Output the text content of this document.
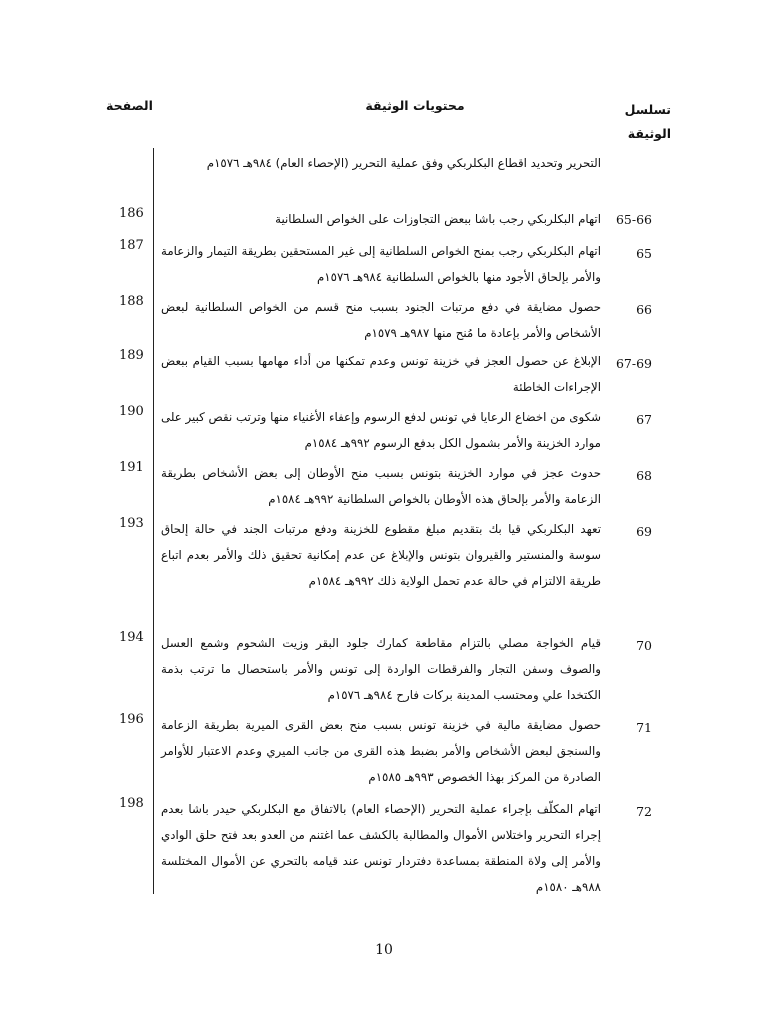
تسلسل الوثيقة
محتويات الوثيقة
الصفحة
التحرير وتحديد اقطاع البكلربكي وفق عملية التحرير (الإحصاء العام) ٩٨٤هـ ١٥٧٦م
186	اتهام البكلربكي رجب باشا ببعض التجاوزات على الخواص السلطانية 65-66
187 اتهام البكلربكي رجب بمنح الخواص السلطانية إلى غير المستحقين بطريقة التيمار والزعامة والأمر بإلحاق الأجود منها بالخواص السلطانية ٩٨٤هـ ١٥٧٦م
65
188 حصول مضايقة في دفع مرتبات الجنود بسبب منح قسم من الخواص السلطانية لبعض الأشخاص والأمر بإعادة ما مُنح منها ٩٨٧هـ ١٥٧٩م
66
189 الإبلاغ عن حصول العجز في خزينة تونس وعدم تمكنها من أداء مهامها بسبب القيام ببعض الإجراءات الخاطئة
67-69
190 شكوى من اخضاع الرعايا في تونس لدفع الرسوم وإعفاء الأغنياء منها وترتب نقص كبير على موارد الخزينة والأمر بشمول الكل بدفع الرسوم ٩٩٢هـ ١٥٨٤م
67
191 حدوث عجز في موارد الخزينة بتونس بسبب منح الأوطان إلى بعض الأشخاص بطريقة الزعامة والأمر بإلحاق هذه الأوطان بالخواص السلطانية ٩٩٢هـ ١٥٨٤م
68
193 تعهد البكلربكي قيا بك بتقديم مبلغ مقطوع للخزينة ودفع مرتبات الجند في حالة إلحاق سوسة والمنستير والقيروان بتونس والإبلاغ عن عدم إمكانية تحقيق ذلك والأمر بعدم اتباع طريقة الالتزام في حالة عدم تحمل الولاية ذلك ٩٩٢هـ ١٥٨٤م
69
194 قيام الخواجة مصلي بالتزام مقاطعة كمارك جلود البقر وزيت الشحوم وشمع العسل والصوف وسفن التجار والفرقطات الواردة إلى تونس والأمر باستحصال ما ترتب بذمة الكتخدا علي ومحتسب المدينة بركات فارح ٩٨٤هـ ١٥٧٦م
70
196 حصول مضايقة مالية في خزينة تونس بسبب منح بعض القرى الميرية بطريقة الزعامة والسنجق لبعض الأشخاص والأمر بضبط هذه القرى من جانب الميري وعدم الاعتبار للأوامر الصادرة من المركز بهذا الخصوص ٩٩٣هـ ١٥٨٥م
71
198 اتهام المكلّف بإجراء عملية التحرير (الإحصاء العام) بالاتفاق مع البكلربكي حيدر باشا بعدم إجراء التحرير واختلاس الأموال والمطالبة بالكشف عما اغتنم من العدو بعد فتح حلق الوادي والأمر إلى ولاة المنطقة بمساعدة دفتردار تونس عند قيامه بالتحري عن الأموال المختلسة ٩٨٨هـ ١٥٨٠م
72
10
